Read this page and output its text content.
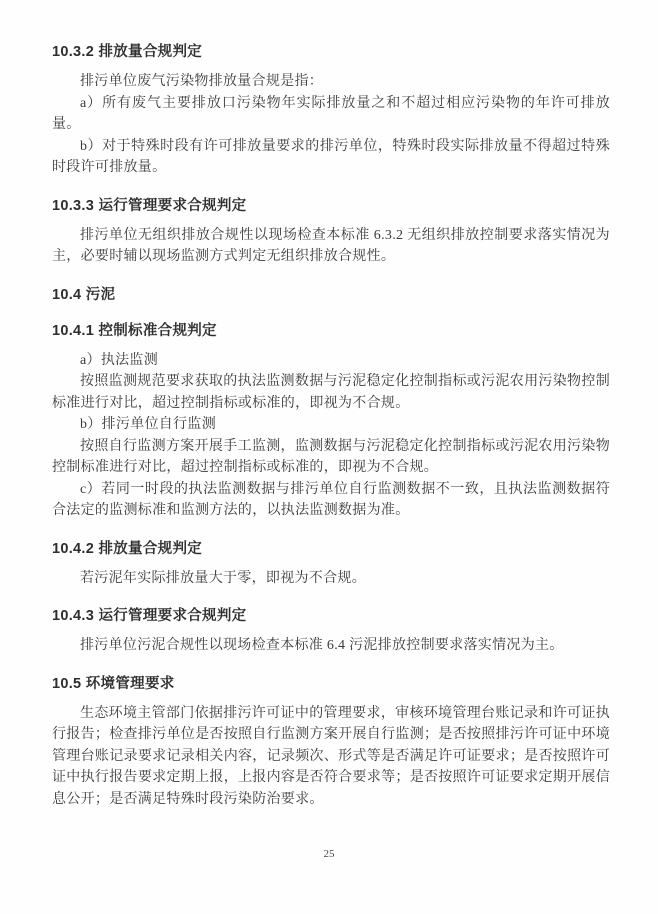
10.3.2 排放量合规判定

排污单位废气污染物排放量合规是指：

a）所有废气主要排放口污染物年实际排放量之和不超过相应污染物的年许可排放量。

b）对于特殊时段有许可排放量要求的排污单位，特殊时段实际排放量不得超过特殊时段许可排放量。

10.3.3 运行管理要求合规判定

排污单位无组织排放合规性以现场检查本标准 6.3.2 无组织排放控制要求落实情况为主，必要时辅以现场监测方式判定无组织排放合规性。

10.4 污泥

10.4.1 控制标准合规判定

a）执法监测

按照监测规范要求获取的执法监测数据与污泥稳定化控制指标或污泥农用污染物控制标准进行对比，超过控制指标或标准的，即视为不合规。

b）排污单位自行监测

按照自行监测方案开展手工监测，监测数据与污泥稳定化控制指标或污泥农用污染物控制标准进行对比，超过控制指标或标准的，即视为不合规。

c）若同一时段的执法监测数据与排污单位自行监测数据不一致，且执法监测数据符合法定的监测标准和监测方法的，以执法监测数据为准。

10.4.2 排放量合规判定

若污泥年实际排放量大于零，即视为不合规。

10.4.3 运行管理要求合规判定

排污单位污泥合规性以现场检查本标准 6.4 污泥排放控制要求落实情况为主。

10.5 环境管理要求

生态环境主管部门依据排污许可证中的管理要求，审核环境管理台账记录和许可证执行报告；检查排污单位是否按照自行监测方案开展自行监测；是否按照排污许可证中环境管理台账记录要求记录相关内容，记录频次、形式等是否满足许可证要求；是否按照许可证中执行报告要求定期上报，上报内容是否符合要求等；是否按照许可证要求定期开展信息公开；是否满足特殊时段污染防治要求。

25
